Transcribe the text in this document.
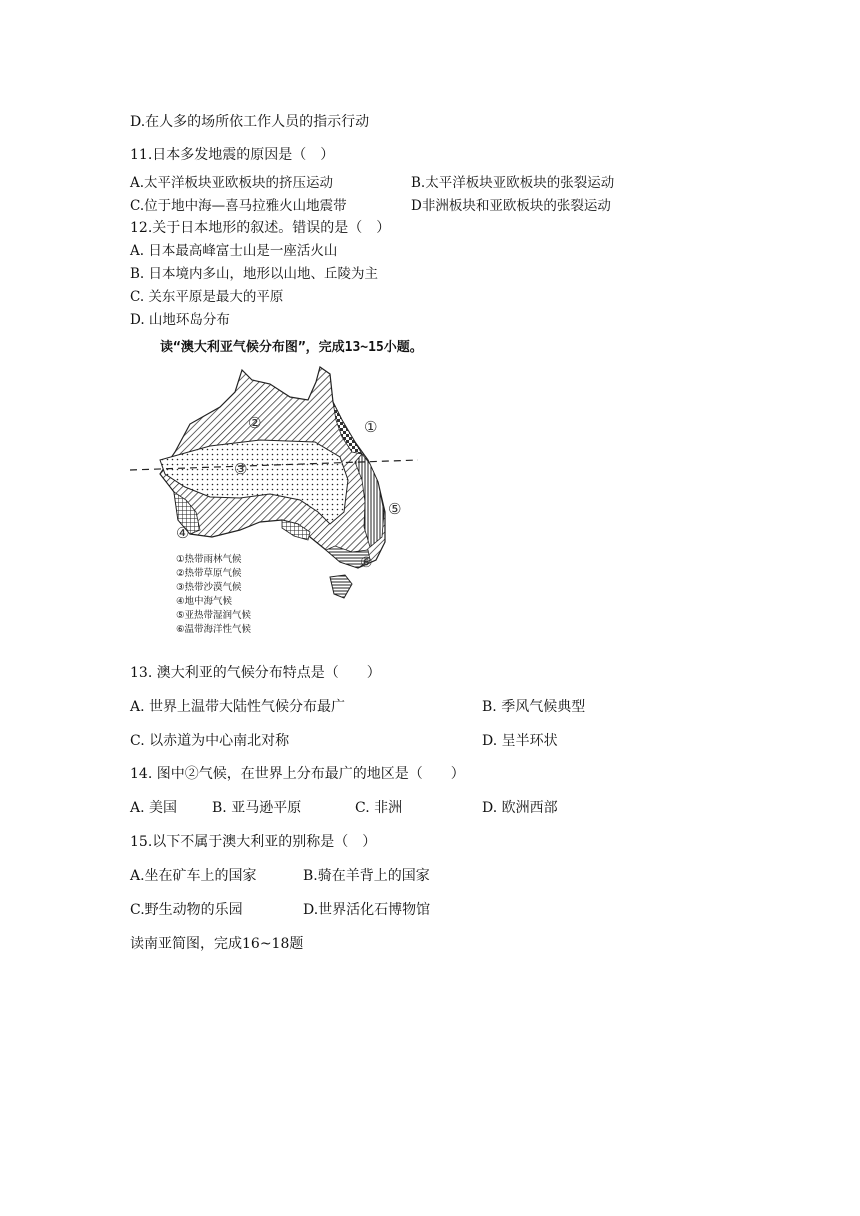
D.在人多的场所依工作人员的指示行动
11.日本多发地震的原因是（　）
A.太平洋板块亚欧板块的挤压运动	B.太平洋板块亚欧板块的张裂运动
C.位于地中海—喜马拉雅火山地震带	D非洲板块和亚欧板块的张裂运动
12.关于日本地形的叙述。错误的是（　）
A. 日本最高峰富士山是一座活火山
B. 日本境内多山，地形以山地、丘陵为主
C. 关东平原是最大的平原
D. 山地环岛分布
读“澳大利亚气候分布图”，完成13~15小题。
②
③
①
⑤
④
⑥
①热带雨林气候
②热带草原气候
③热带沙漠气候
④地中海气候
⑤亚热带湿润气候
⑥温带海洋性气候
13. 澳大利亚的气候分布特点是（　　）
A. 世界上温带大陆性气候分布最广	B. 季风气候典型
C. 以赤道为中心南北对称	D. 呈半环状
14. 图中②气候，在世界上分布最广的地区是（　　）
A. 美国 B. 亚马逊平原	C. 非洲	D. 欧洲西部
15.以下不属于澳大利亚的别称是（　）
A.坐在矿车上的国家	B.骑在羊背上的国家
C.野生动物的乐园	D.世界活化石博物馆
读南亚简图，完成16~18题
